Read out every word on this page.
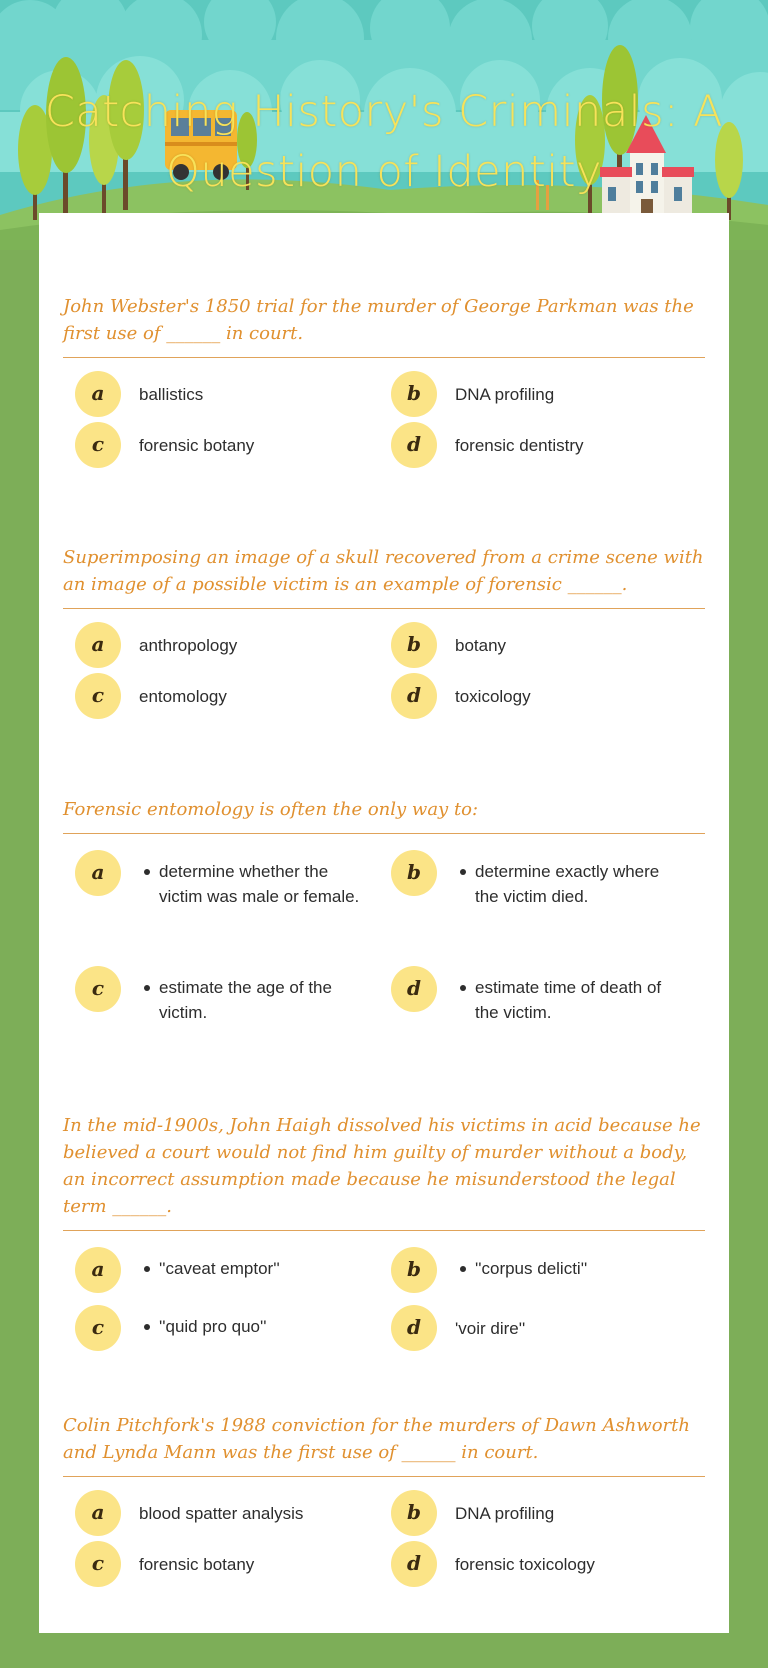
Catching History's Criminals: A Question of Identity
John Webster's 1850 trial for the murder of George Parkman was the first use of ______ in court.
a	ballistics	b	DNA profiling
c	forensic botany	d	forensic dentistry
Superimposing an image of a skull recovered from a crime scene with an image of a possible victim is an example of forensic ______.
a	anthropology	b	botany
c	entomology	d	toxicology
Forensic entomology is often the only way to:
a	determine whether the victim was male or female.
b	determine exactly where the victim died.
c	estimate the age of the victim.
d	estimate time of death of the victim.
In the mid-1900s, John Haigh dissolved his victims in acid because he believed a court would not find him guilty of murder without a body, an incorrect assumption made because he misunderstood the legal term ______.
a	''caveat emptor''	b	''corpus delicti''
c	''quid pro quo''	d	'voir dire''
Colin Pitchfork's 1988 conviction for the murders of Dawn Ashworth and Lynda Mann was the first use of ______ in court.
a	blood spatter analysis	b	DNA profiling
c	forensic botany	d	forensic toxicology
